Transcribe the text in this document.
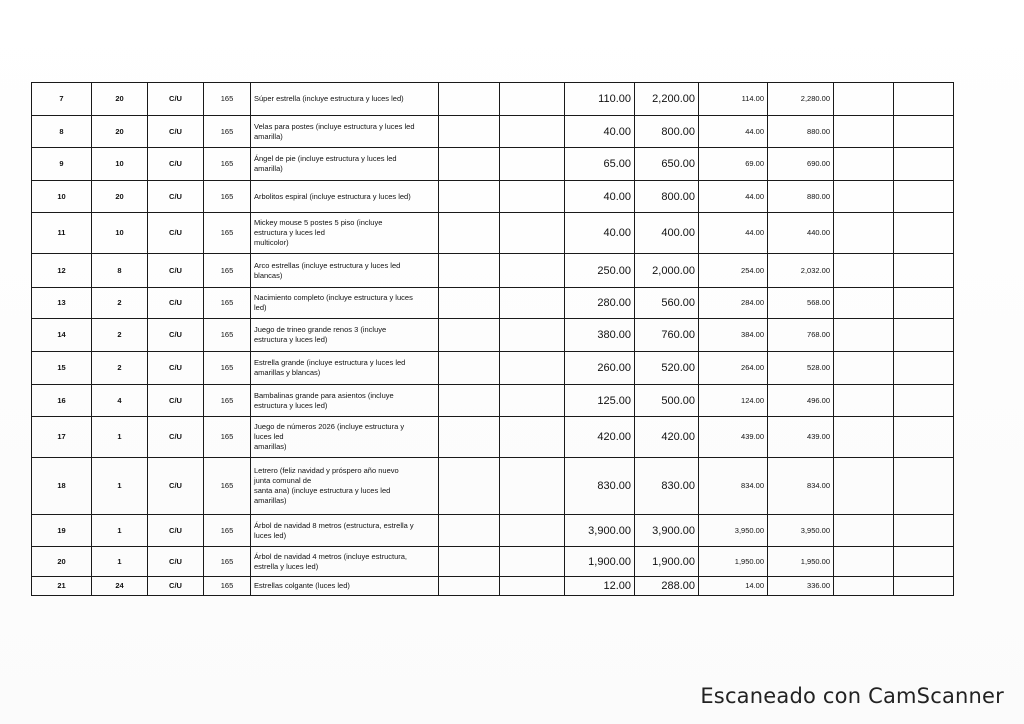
7	20	C/U	165	Súper estrella (incluye estructura y luces led)			110.00	2,200.00	114.00	2,280.00		
8	20	C/U	165	Velas para postes (incluye estructura y luces led
amarilla)			40.00	800.00	44.00	880.00		
9	10	C/U	165	Ángel de pie (incluye estructura y luces led
amarilla)			65.00	650.00	69.00	690.00		
10	20	C/U	165	Arbolitos espiral (incluye estructura y luces led)			40.00	800.00	44.00	880.00		
11	10	C/U	165	Mickey mouse 5 postes 5 piso (incluye
estructura y luces led
multicolor)			40.00	400.00	44.00	440.00		
12	8	C/U	165	Arco estrellas (incluye estructura y luces led
blancas)			250.00	2,000.00	254.00	2,032.00		
13	2	C/U	165	Nacimiento completo (incluye estructura y luces
led)			280.00	560.00	284.00	568.00		
14	2	C/U	165	Juego de trineo grande renos 3 (incluye
estructura y luces led)			380.00	760.00	384.00	768.00		
15	2	C/U	165	Estrella grande (incluye estructura y luces led
amarillas y blancas)			260.00	520.00	264.00	528.00		
16	4	C/U	165	Bambalinas grande para asientos (incluye
estructura y luces led)			125.00	500.00	124.00	496.00		
17	1	C/U	165	Juego de números 2026 (incluye estructura y
luces led
amarillas)			420.00	420.00	439.00	439.00		
18	1	C/U	165	Letrero (feliz navidad y próspero año nuevo
junta comunal de
santa ana) (incluye estructura y luces led
amarillas)			830.00	830.00	834.00	834.00		
19	1	C/U	165	Árbol de navidad 8 metros (estructura, estrella y
luces led)			3,900.00	3,900.00	3,950.00	3,950.00		
20	1	C/U	165	Árbol de navidad 4 metros (incluye estructura,
estrella y luces led)			1,900.00	1,900.00	1,950.00	1,950.00		
21	24	C/U	165	Estrellas colgante (luces led)			12.00	288.00	14.00	336.00		
Escaneado con CamScanner
